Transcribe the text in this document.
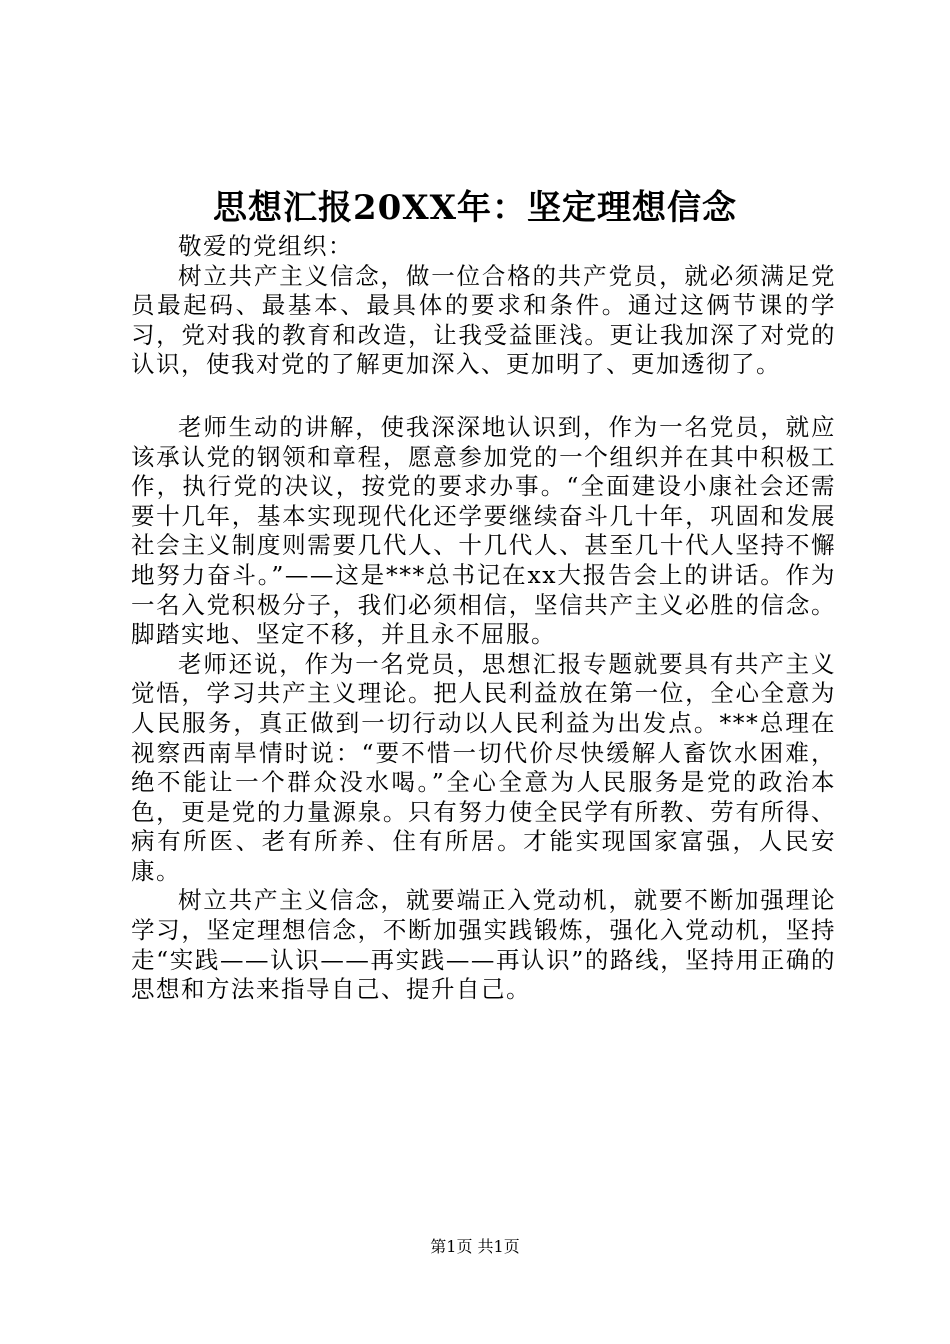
思想汇报20XX年：坚定理想信念

敬爱的党组织：

树立共产主义信念，做一位合格的共产党员，就必须满足党员最起码、最基本、最具体的要求和条件。通过这俩节课的学习，党对我的教育和改造，让我受益匪浅。更让我加深了对党的认识，使我对党的了解更加深入、更加明了、更加透彻了。

老师生动的讲解，使我深深地认识到，作为一名党员，就应该承认党的钢领和章程，愿意参加党的一个组织并在其中积极工作，执行党的决议，按党的要求办事。“全面建设小康社会还需要十几年，基本实现现代化还学要继续奋斗几十年，巩固和发展社会主义制度则需要几代人、十几代人、甚至几十代人坚持不懈地努力奋斗。”——这是***总书记在xx大报告会上的讲话。作为一名入党积极分子，我们必须相信，坚信共产主义必胜的信念。脚踏实地、坚定不移，并且永不屈服。

老师还说，作为一名党员，思想汇报专题就要具有共产主义觉悟，学习共产主义理论。把人民利益放在第一位，全心全意为人民服务，真正做到一切行动以人民利益为出发点。***总理在视察西南旱情时说：“要不惜一切代价尽快缓解人畜饮水困难，绝不能让一个群众没水喝。”全心全意为人民服务是党的政治本色，更是党的力量源泉。只有努力使全民学有所教、劳有所得、病有所医、老有所养、住有所居。才能实现国家富强，人民安康。

树立共产主义信念，就要端正入党动机，就要不断加强理论学习，坚定理想信念，不断加强实践锻炼，强化入党动机，坚持走“实践——认识——再实践——再认识”的路线，坚持用正确的思想和方法来指导自己、提升自己。

第1页 共1页
